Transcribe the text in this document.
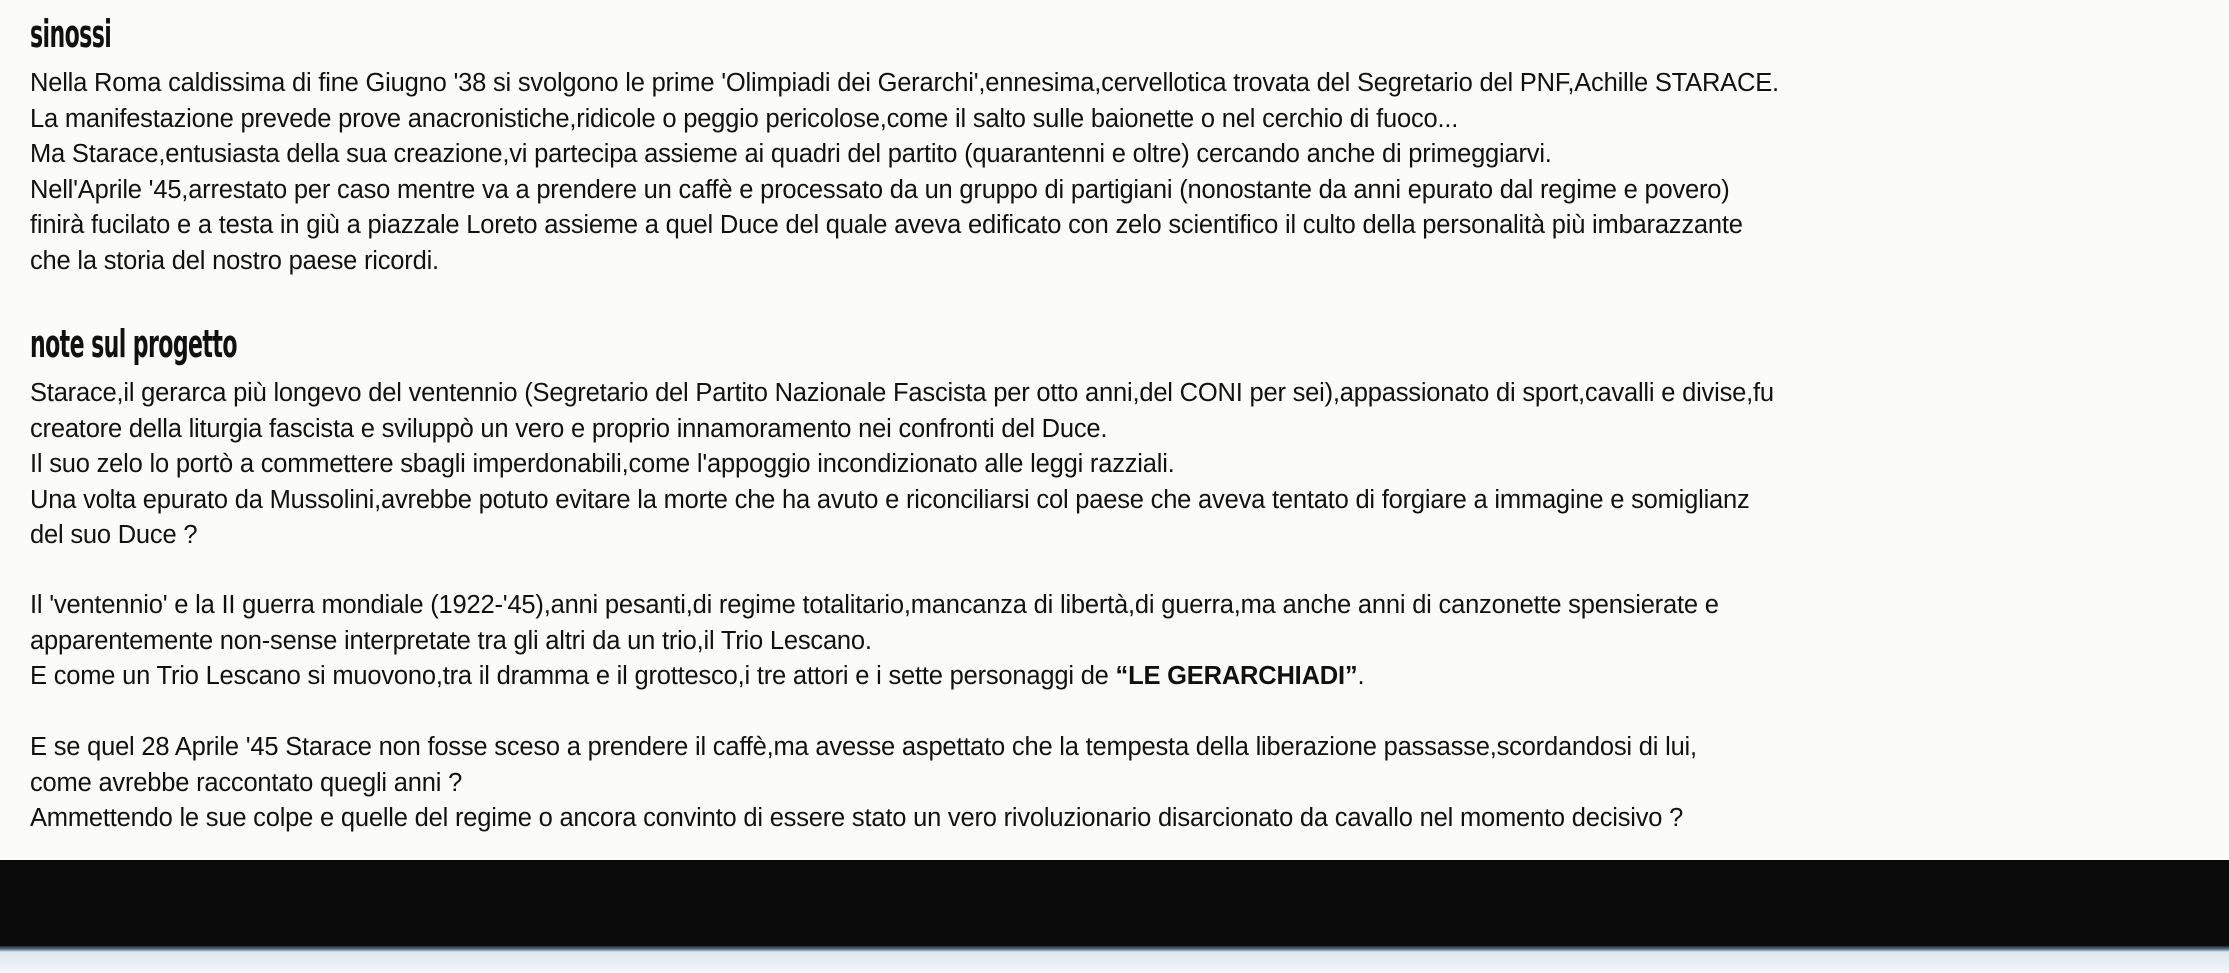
sinossi

Nella Roma caldissima di fine Giugno '38 si svolgono le prime 'Olimpiadi dei Gerarchi',ennesima,cervellotica trovata del Segretario del PNF,Achille STARACE.
La manifestazione prevede prove anacronistiche,ridicole o peggio pericolose,come il salto sulle baionette o nel cerchio di fuoco...
Ma Starace,entusiasta della sua creazione,vi partecipa assieme ai quadri del partito (quarantenni e oltre) cercando anche di primeggiarvi.
Nell'Aprile '45,arrestato per caso mentre va a prendere un caffè e processato da un gruppo di partigiani (nonostante da anni epurato dal regime e povero)
finirà fucilato e a testa in giù a piazzale Loreto assieme a quel Duce del quale aveva edificato con zelo scientifico il culto della personalità più imbarazzante
che la storia del nostro paese ricordi.

note sul progetto

Starace,il gerarca più longevo del ventennio (Segretario del Partito Nazionale Fascista per otto anni,del CONI per sei),appassionato di sport,cavalli e divise,fu
creatore della liturgia fascista e sviluppò un vero e proprio innamoramento nei confronti del Duce.
Il suo zelo lo portò a commettere sbagli imperdonabili,come l'appoggio incondizionato alle leggi razziali.
Una volta epurato da Mussolini,avrebbe potuto evitare la morte che ha avuto e riconciliarsi col paese che aveva tentato di forgiare a immagine e somiglianz
del suo Duce ?

Il 'ventennio' e la II guerra mondiale (1922-'45),anni pesanti,di regime totalitario,mancanza di libertà,di guerra,ma anche anni di canzonette spensierate e
apparentemente non-sense interpretate tra gli altri da un trio,il Trio Lescano.
E come un Trio Lescano si muovono,tra il dramma e il grottesco,i tre attori e i sette personaggi de “LE GERARCHIADI”.

E se quel 28 Aprile '45 Starace non fosse sceso a prendere il caffè,ma avesse aspettato che la tempesta della liberazione passasse,scordandosi di lui,
come avrebbe raccontato quegli anni ?
Ammettendo le sue colpe e quelle del regime o ancora convinto di essere stato un vero rivoluzionario disarcionato da cavallo nel momento decisivo ?
